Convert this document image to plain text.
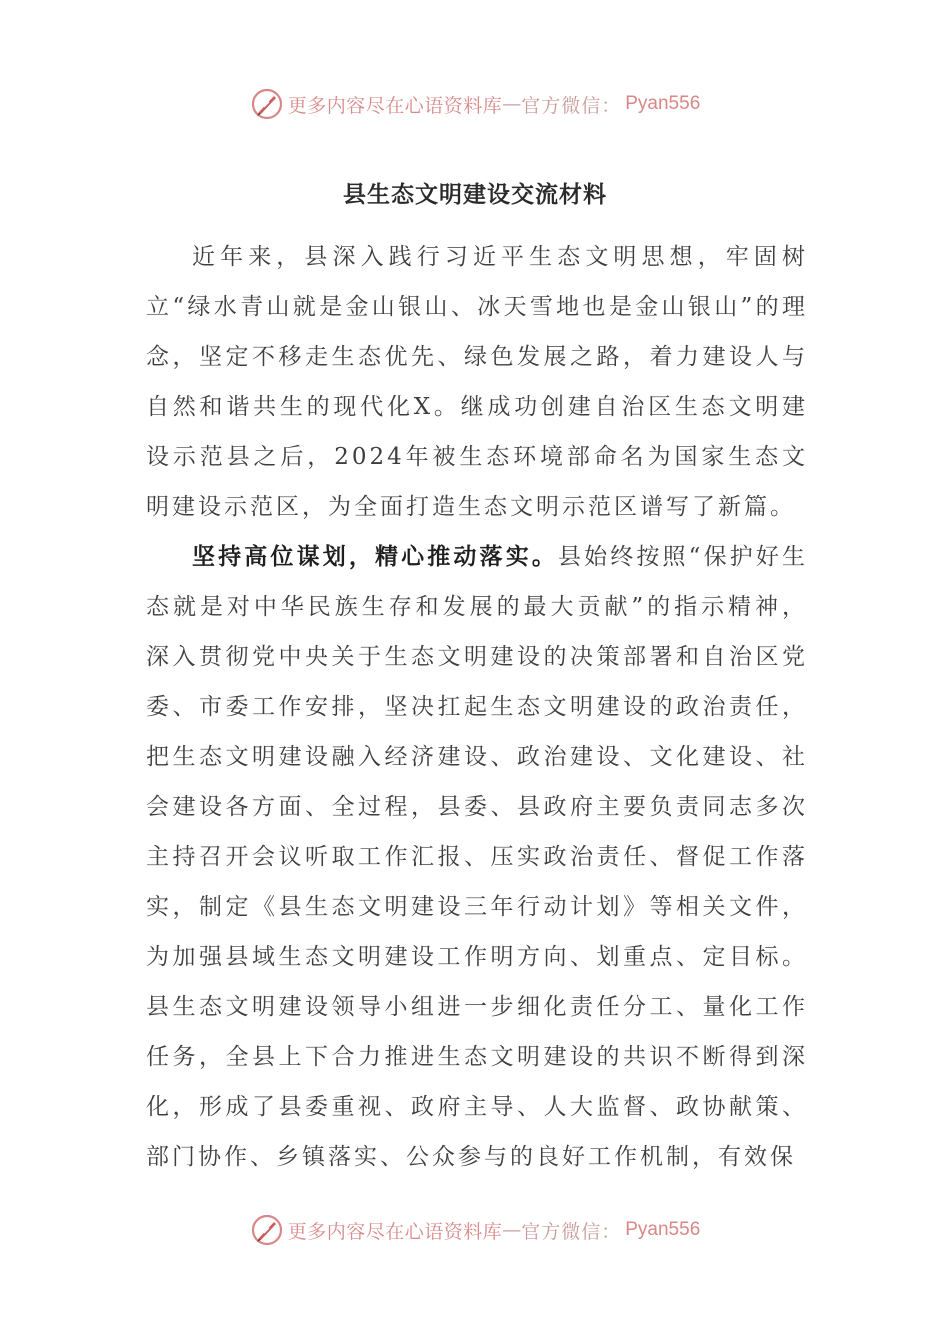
更多内容尽在心语资料库 — 官方微信： Pyan556
县生态文明建设交流材料

近年来，县深入践行习近平生态文明思想，牢固树立“绿水青山就是金山银山、冰天雪地也是金山银山”的理念，坚定不移走生态优先、绿色发展之路，着力建设人与自然和谐共生的现代化X。继成功创建自治区生态文明建设示范县之后，2024年被生态环境部命名为国家生态文明建设示范区，为全面打造生态文明示范区谱写了新篇。

坚持高位谋划，精心推动落实。县始终按照“保护好生态就是对中华民族生存和发展的最大贡献”的指示精神，深入贯彻党中央关于生态文明建设的决策部署和自治区党委、市委工作安排，坚决扛起生态文明建设的政治责任，把生态文明建设融入经济建设、政治建设、文化建设、社会建设各方面、全过程，县委、县政府主要负责同志多次主持召开会议听取工作汇报、压实政治责任、督促工作落实，制定《县生态文明建设三年行动计划》等相关文件，为加强县域生态文明建设工作明方向、划重点、定目标。县生态文明建设领导小组进一步细化责任分工、量化工作任务，全县上下合力推进生态文明建设的共识不断得到深化，形成了县委重视、政府主导、人大监督、政协献策、部门协作、乡镇落实、公众参与的良好工作机制，有效保

更多内容尽在心语资料库 — 官方微信： Pyan556
